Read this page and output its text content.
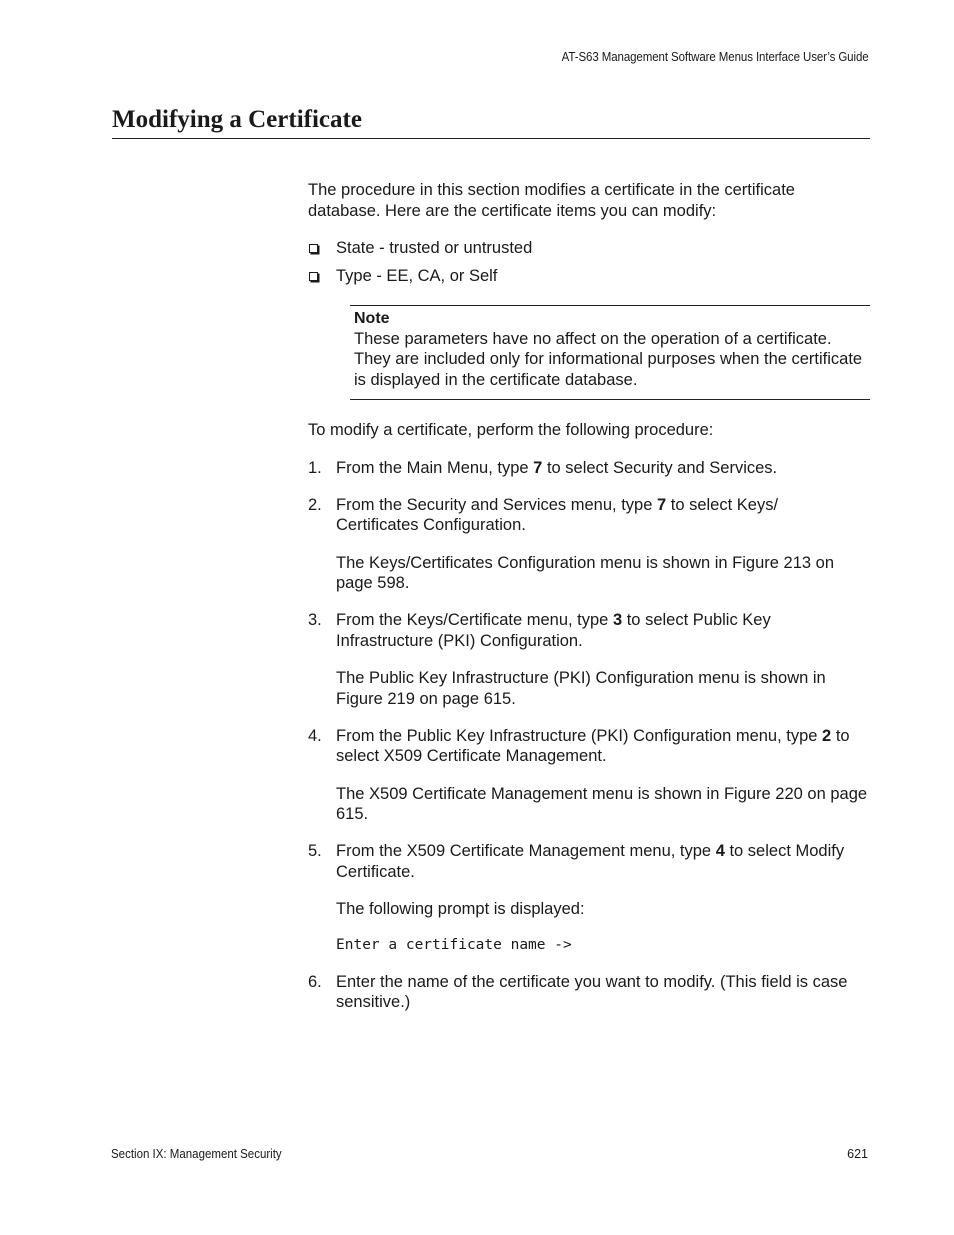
AT-S63 Management Software Menus Interface User’s Guide
Modifying a Certificate

The procedure in this section modifies a certificate in the certificate database. Here are the certificate items you can modify:

State - trusted or untrusted
Type - EE, CA, or Self
Note
These parameters have no affect on the operation of a certificate. They are included only for informational purposes when the certificate is displayed in the certificate database.

To modify a certificate, perform the following procedure:

1. From the Main Menu, type 7 to select Security and Services.
2. From the Security and Services menu, type 7 to select Keys/
Certificates Configuration.
The Keys/Certificates Configuration menu is shown in Figure 213 on page 598.
3. From the Keys/Certificate menu, type 3 to select Public Key
Infrastructure (PKI) Configuration.
The Public Key Infrastructure (PKI) Configuration menu is shown in Figure 219 on page 615.
4. From the Public Key Infrastructure (PKI) Configuration menu, type 2 to
select X509 Certificate Management.
The X509 Certificate Management menu is shown in Figure 220 on page 615.
5. From the X509 Certificate Management menu, type 4 to select Modify
Certificate.
The following prompt is displayed:
Enter a certificate name ->
6. Enter the name of the certificate you want to modify. (This field is case sensitive.)
Section IX: Management Security	621
